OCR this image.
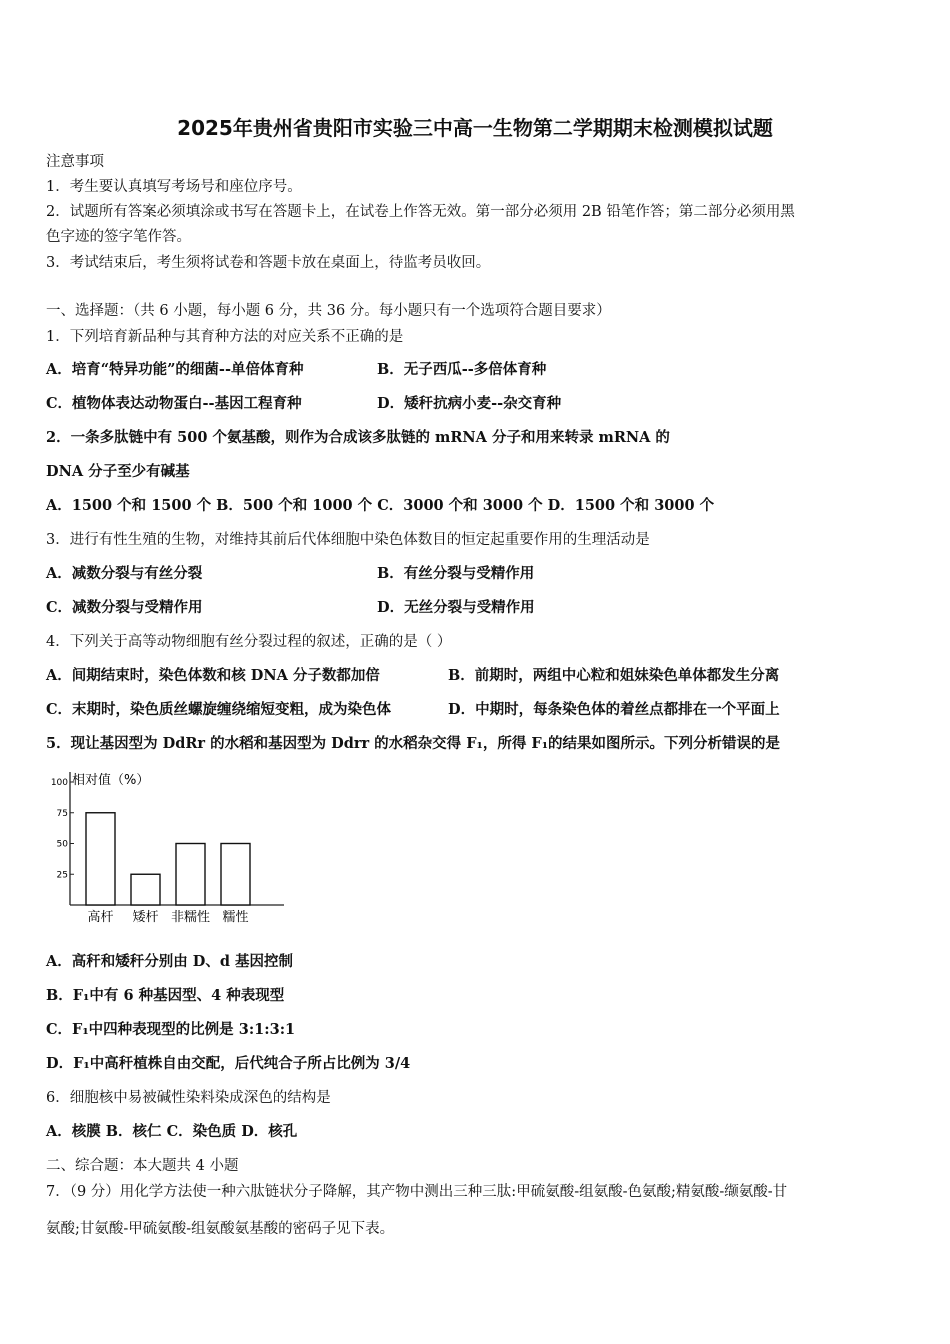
2025年贵州省贵阳市实验三中高一生物第二学期期末检测模拟试题
注意事项
1．考生要认真填写考场号和座位序号。
2．试题所有答案必须填涂或书写在答题卡上，在试卷上作答无效。第一部分必须用 2B 铅笔作答；第二部分必须用黑
色字迹的签字笔作答。
3．考试结束后，考生须将试卷和答题卡放在桌面上，待监考员收回。
一、选择题：（共 6 小题，每小题 6 分，共 36 分。每小题只有一个选项符合题目要求）
1．下列培育新品种与其育种方法的对应关系不正确的是
A．培育“特异功能”的细菌--单倍体育种	B．无子西瓜--多倍体育种
C．植物体表达动物蛋白--基因工程育种	D．矮秆抗病小麦--杂交育种
2．一条多肽链中有 500 个氨基酸，则作为合成该多肽链的 mRNA 分子和用来转录 mRNA 的
DNA 分子至少有碱基
A．1500 个和 1500 个 B．500 个和 1000 个 C．3000 个和 3000 个 D．1500 个和 3000 个
3．进行有性生殖的生物，对维持其前后代体细胞中染色体数目的恒定起重要作用的生理活动是
A．减数分裂与有丝分裂	B．有丝分裂与受精作用
C．减数分裂与受精作用	D．无丝分裂与受精作用
4．下列关于高等动物细胞有丝分裂过程的叙述，正确的是（ ）
A．间期结束时，染色体数和核 DNA 分子数都加倍	B．前期时，两组中心粒和姐妹染色单体都发生分离
C．末期时，染色质丝螺旋缠绕缩短变粗，成为染色体	D．中期时，每条染色体的着丝点都排在一个平面上
5．现让基因型为 DdRr 的水稻和基因型为 Ddrr 的水稻杂交得 F₁，所得 F₁的结果如图所示。下列分析错误的是
相对值（%）
100
75
50
25
高杆 矮杆 非糯性 糯性
A．高秆和矮秆分别由 D、d 基因控制
B．F₁中有 6 种基因型、4 种表现型
C．F₁中四种表现型的比例是 3:1:3:1
D．F₁中高秆植株自由交配，后代纯合子所占比例为 3/4
6．细胞核中易被碱性染料染成深色的结构是
A．核膜 B．核仁 C．染色质 D．核孔
二、综合题：本大题共 4 小题
7．（9 分）用化学方法使一种六肽链状分子降解，其产物中测出三种三肽:甲硫氨酸-组氨酸-色氨酸;精氨酸-缬氨酸-甘
氨酸;甘氨酸-甲硫氨酸-组氨酸氨基酸的密码子见下表。
